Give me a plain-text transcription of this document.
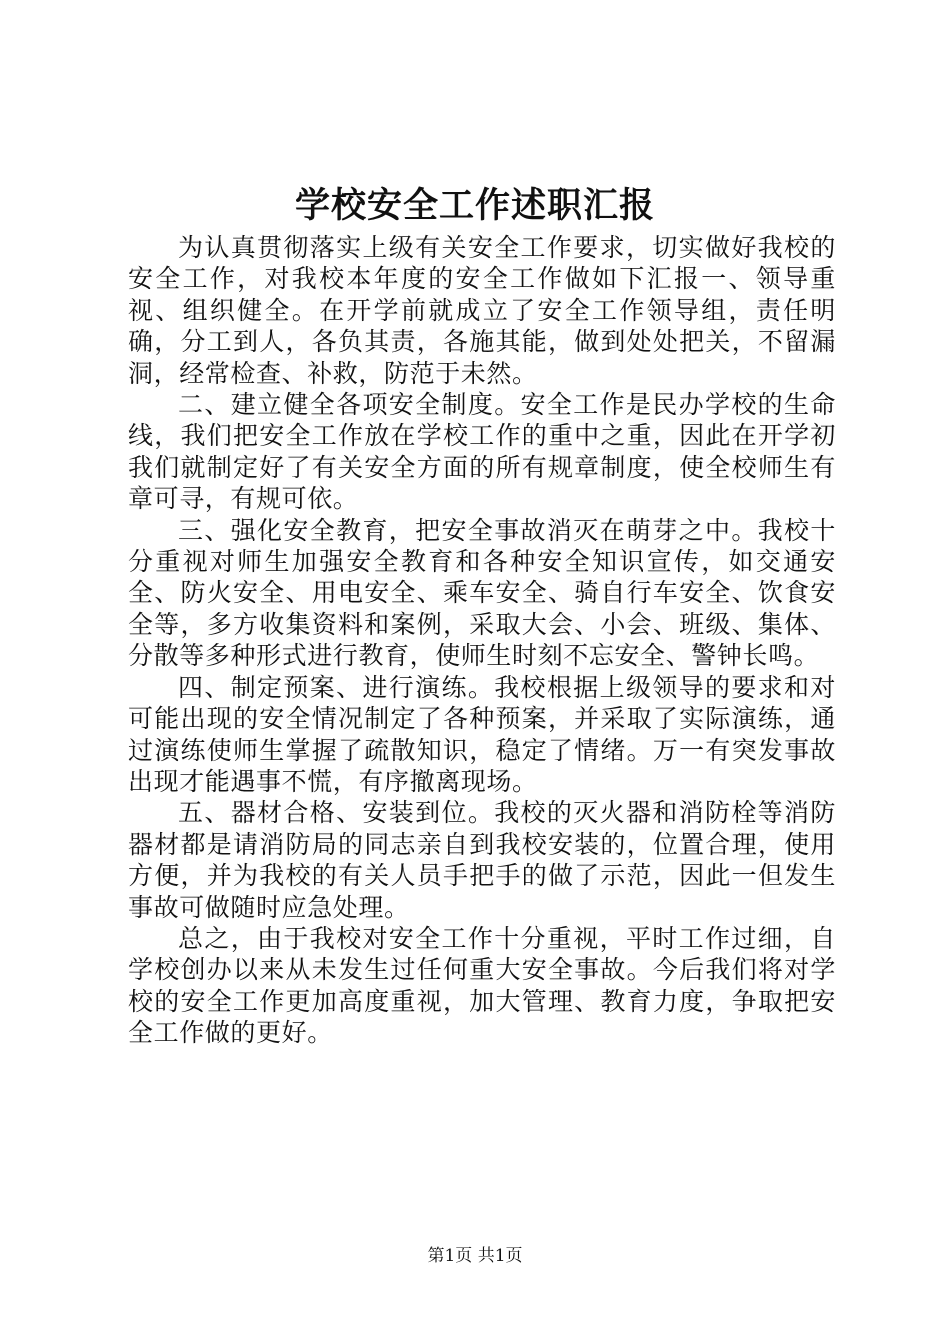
学校安全工作述职汇报

为认真贯彻落实上级有关安全工作要求，切实做好我校的安全工作，对我校本年度的安全工作做如下汇报一、领导重视、组织健全。在开学前就成立了安全工作领导组，责任明确，分工到人，各负其责，各施其能，做到处处把关，不留漏洞，经常检查、补救，防范于未然。

二、建立健全各项安全制度。安全工作是民办学校的生命线，我们把安全工作放在学校工作的重中之重，因此在开学初我们就制定好了有关安全方面的所有规章制度，使全校师生有章可寻，有规可依。

三、强化安全教育，把安全事故消灭在萌芽之中。我校十分重视对师生加强安全教育和各种安全知识宣传，如交通安全、防火安全、用电安全、乘车安全、骑自行车安全、饮食安全等，多方收集资料和案例，采取大会、小会、班级、集体、分散等多种形式进行教育，使师生时刻不忘安全、警钟长鸣。

四、制定预案、进行演练。我校根据上级领导的要求和对可能出现的安全情况制定了各种预案，并采取了实际演练，通过演练使师生掌握了疏散知识，稳定了情绪。万一有突发事故出现才能遇事不慌，有序撤离现场。

五、器材合格、安装到位。我校的灭火器和消防栓等消防器材都是请消防局的同志亲自到我校安装的，位置合理，使用方便，并为我校的有关人员手把手的做了示范，因此一但发生事故可做随时应急处理。

总之，由于我校对安全工作十分重视，平时工作过细，自学校创办以来从未发生过任何重大安全事故。今后我们将对学校的安全工作更加高度重视，加大管理、教育力度，争取把安全工作做的更好。

第1页 共1页
